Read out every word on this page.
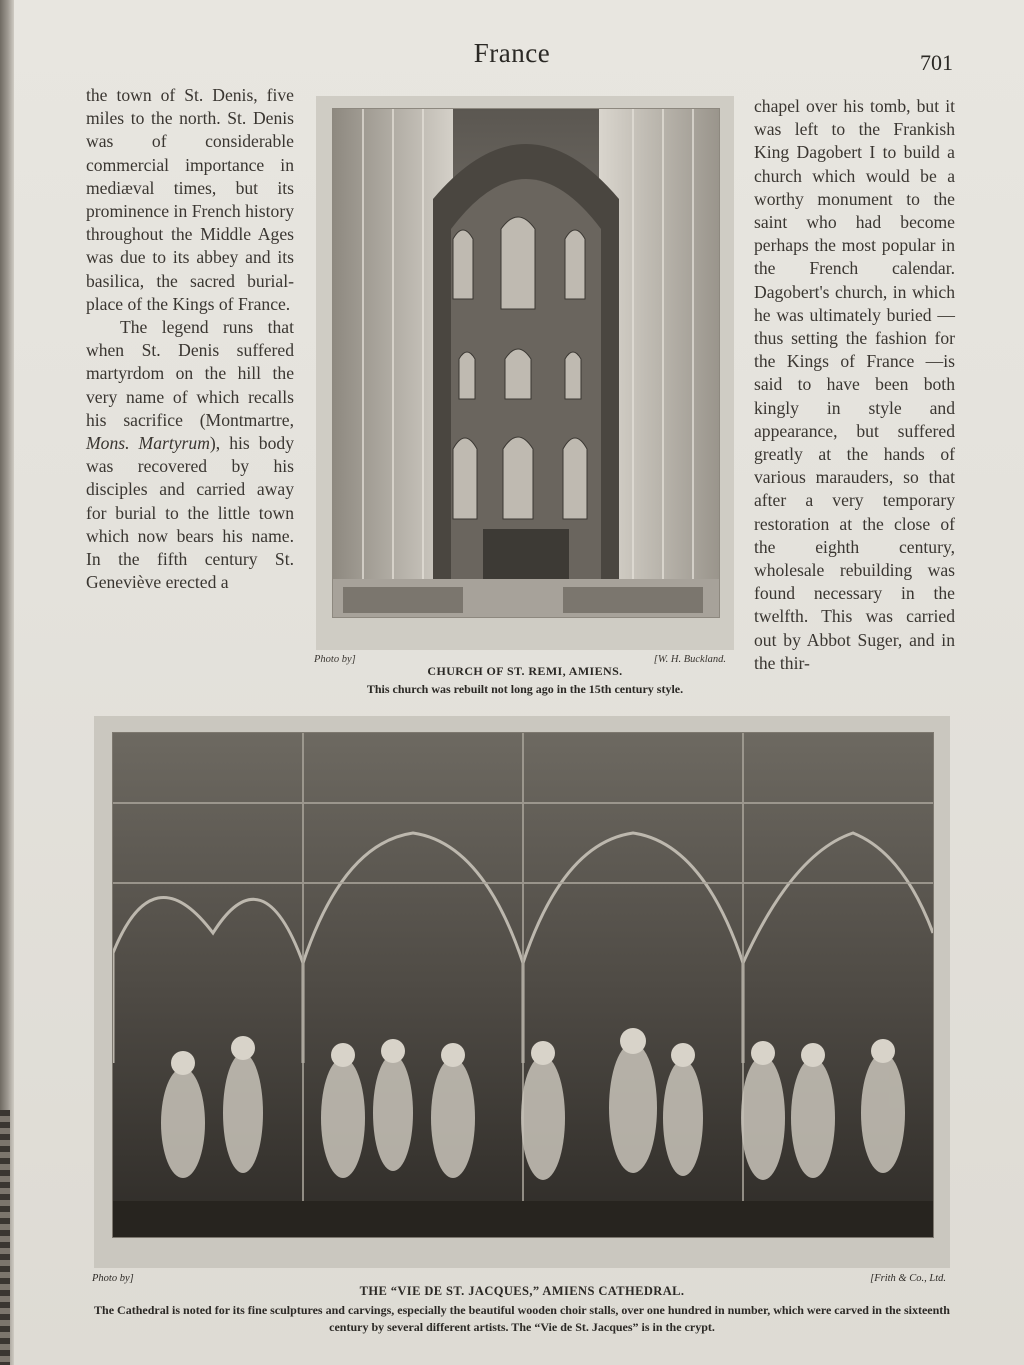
France	701

the town of St. Denis, five miles to the north. St. Denis was of considerable commercial importance in mediæval times, but its prominence in French history throughout the Middle Ages was due to its abbey and its basilica, the sacred burial-place of the Kings of France.

The legend runs that when St. Denis suffered martyrdom on the hill the very name of which recalls his sacrifice (Montmartre, Mons. Martyrum), his body was recovered by his disciples and carried away for burial to the little town which now bears his name. In the fifth century St. Geneviève erected a

chapel over his tomb, but it was left to the Frankish King Dagobert I to build a church which would be a worthy monument to the saint who had become perhaps the most popular in the French calendar. Dagobert's church, in which he was ultimately buried —thus setting the fashion for the Kings of France —is said to have been both kingly in style and appearance, but suffered greatly at the hands of various marauders, so that after a very temporary restoration at the close of the eighth century, wholesale rebuilding was found necessary in the twelfth. This was carried out by Abbot Suger, and in the thir-

Photo by]	[W. H. Buckland.
CHURCH OF ST. REMI, AMIENS.
This church was rebuilt not long ago in the 15th century style.
Photo by]	[Frith & Co., Ltd.
THE “VIE DE ST. JACQUES,” AMIENS CATHEDRAL.
The Cathedral is noted for its fine sculptures and carvings, especially the beautiful wooden choir stalls, over one hundred in number, which were carved in the sixteenth century by several different artists. The “Vie de St. Jacques” is in the crypt.
